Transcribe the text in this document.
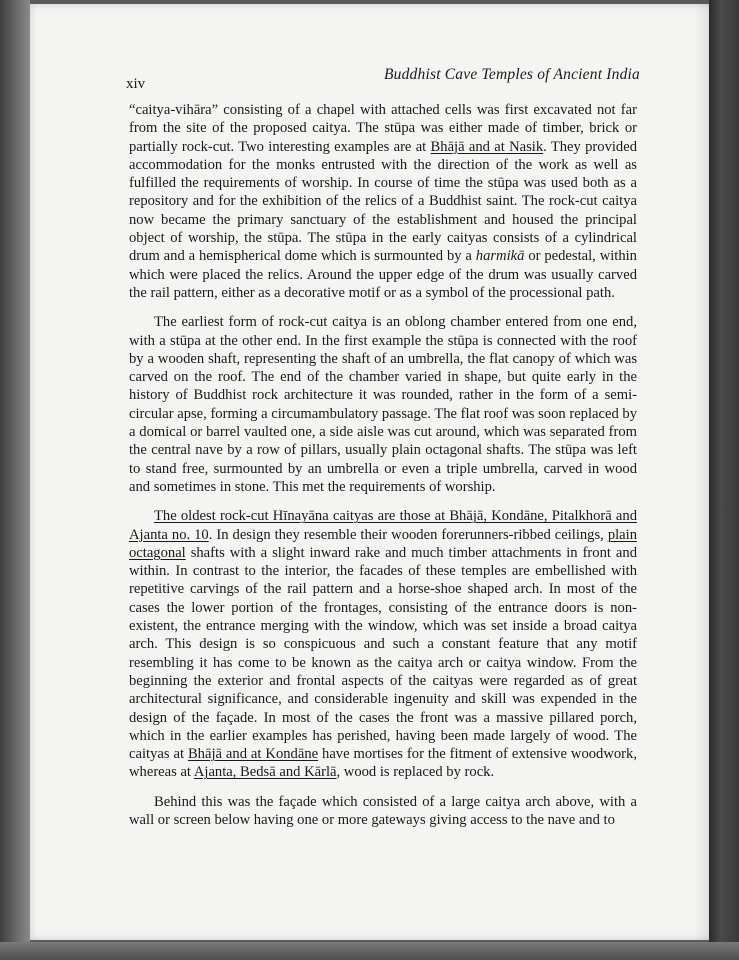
xiv
Buddhist Cave Temples of Ancient India

“caitya-vihāra” consisting of a chapel with attached cells was first excavated not far from the site of the proposed caitya. The stūpa was either made of timber, brick or partially rock-cut. Two interesting examples are at Bhājā and at Nasik. They provided accommodation for the monks entrusted with the direction of the work as well as fulfilled the requirements of worship. In course of time the stūpa was used both as a repository and for the exhibition of the relics of a Buddhist saint. The rock-cut caitya now became the primary sanctuary of the establishment and housed the principal object of worship, the stūpa. The stūpa in the early caityas consists of a cylindrical drum and a hemispherical dome which is surmounted by a harmikā or pedestal, within which were placed the relics. Around the upper edge of the drum was usually carved the rail pattern, either as a decorative motif or as a symbol of the processional path.

The earliest form of rock-cut caitya is an oblong chamber entered from one end, with a stūpa at the other end. In the first example the stūpa is connected with the roof by a wooden shaft, representing the shaft of an umbrella, the flat canopy of which was carved on the roof. The end of the chamber varied in shape, but quite early in the history of Buddhist rock architecture it was rounded, rather in the form of a semi-circular apse, forming a circumambulatory passage. The flat roof was soon replaced by a domical or barrel vaulted one, a side aisle was cut around, which was separated from the central nave by a row of pillars, usually plain octagonal shafts. The stūpa was left to stand free, surmounted by an umbrella or even a triple umbrella, carved in wood and sometimes in stone. This met the requirements of worship.

The oldest rock-cut Hīnayāna caityas are those at Bhājā, Kondāne, Pitalkhorā and Ajanta no. 10. In design they resemble their wooden forerunners-ribbed ceilings, plain octagonal shafts with a slight inward rake and much timber attachments in front and within. In contrast to the interior, the facades of these temples are embellished with repetitive carvings of the rail pattern and a horse-shoe shaped arch. In most of the cases the lower portion of the frontages, consisting of the entrance doors is non-existent, the entrance merging with the window, which was set inside a broad caitya arch. This design is so conspicuous and such a constant feature that any motif resembling it has come to be known as the caitya arch or caitya window. From the beginning the exterior and frontal aspects of the caityas were regarded as of great architectural significance, and considerable ingenuity and skill was expended in the design of the façade. In most of the cases the front was a massive pillared porch, which in the earlier examples has perished, having been made largely of wood. The caityas at Bhājā and at Kondāne have mortises for the fitment of extensive woodwork, whereas at Ajanta, Bedsā and Kārlā, wood is replaced by rock.

Behind this was the façade which consisted of a large caitya arch above, with a wall or screen below having one or more gateways giving access to the nave and to
